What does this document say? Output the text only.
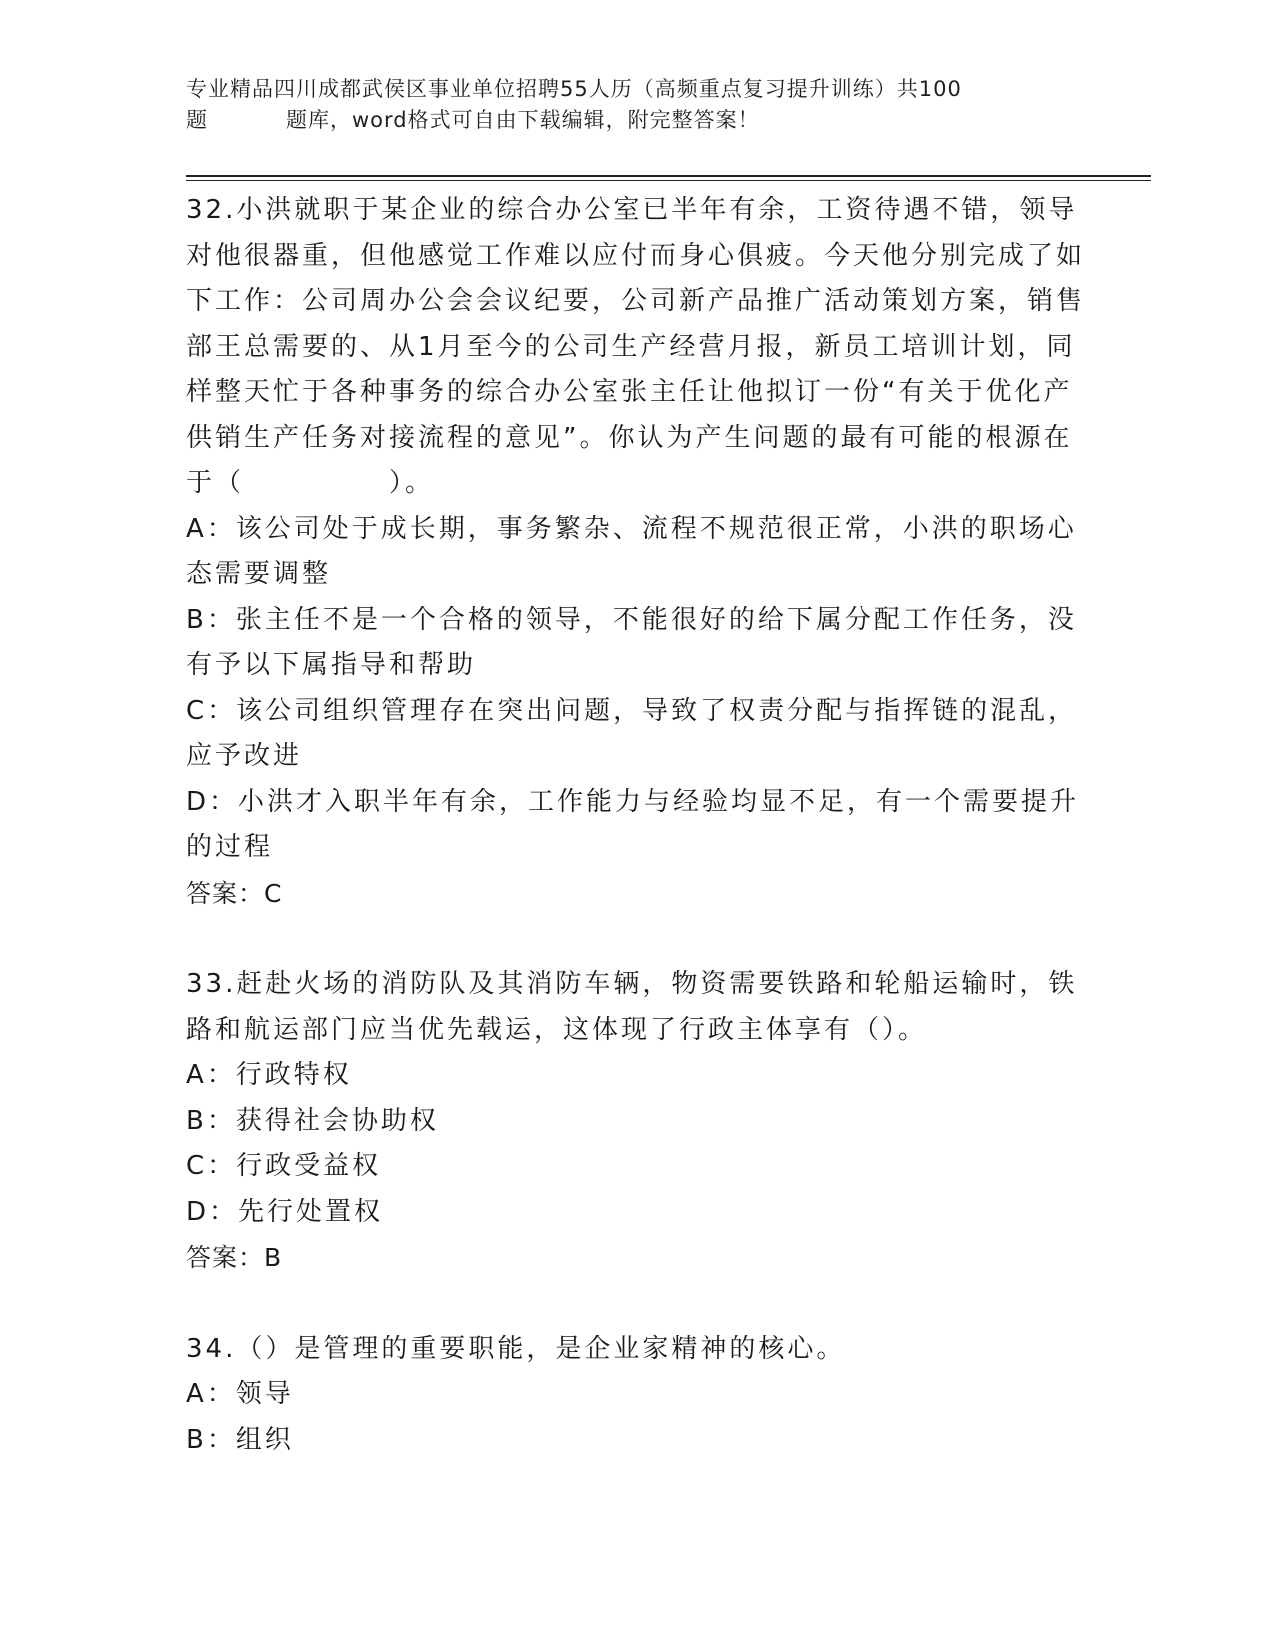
专业精品四川成都武侯区事业单位招聘55人历（高频重点复习提升训练）共100
题	题库，word格式可自由下载编辑，附完整答案！

32.小洪就职于某企业的综合办公室已半年有余，工资待遇不错，领导对他很器重，但他感觉工作难以应付而身心俱疲。今天他分别完成了如下工作：公司周办公会会议纪要，公司新产品推广活动策划方案，销售部王总需要的、从1月至今的公司生产经营月报，新员工培训计划，同样整天忙于各种事务的综合办公室张主任让他拟订一份“有关于优化产供销生产任务对接流程的意见”。你认为产生问题的最有可能的根源在于（　　　　　）。

A：该公司处于成长期，事务繁杂、流程不规范很正常，小洪的职场心态需要调整

B：张主任不是一个合格的领导，不能很好的给下属分配工作任务，没有予以下属指导和帮助

C：该公司组织管理存在突出问题，导致了权责分配与指挥链的混乱，应予改进

D：小洪才入职半年有余，工作能力与经验均显不足，有一个需要提升的过程

答案：C

33.赶赴火场的消防队及其消防车辆，物资需要铁路和轮船运输时，铁路和航运部门应当优先载运，这体现了行政主体享有（）。

A：行政特权

B：获得社会协助权

C：行政受益权

D：先行处置权

答案：B

34.（）是管理的重要职能，是企业家精神的核心。

A：领导

B：组织
